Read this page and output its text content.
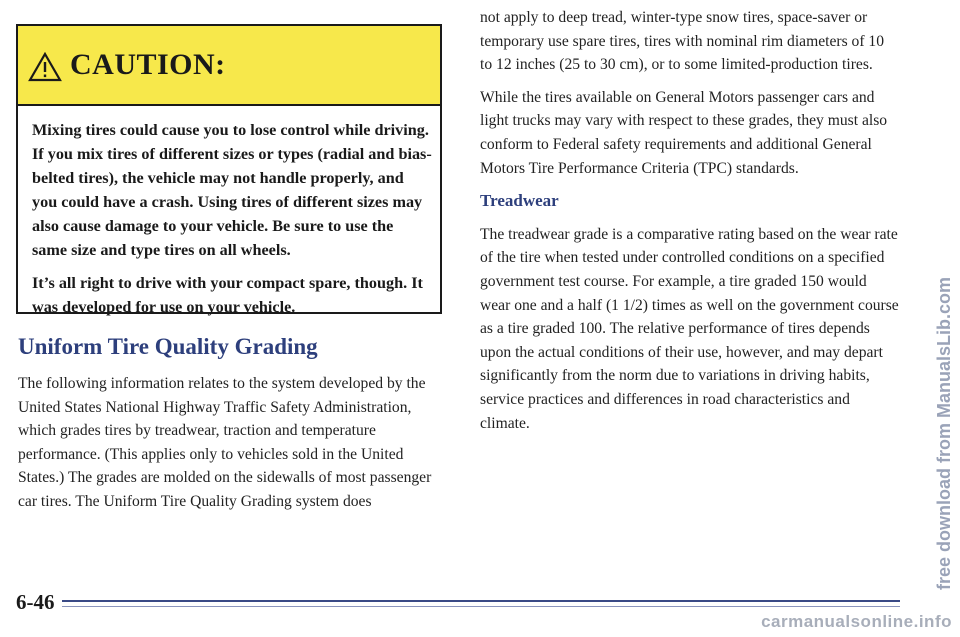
CAUTION:

Mixing tires could cause you to lose control while driving. If you mix tires of different sizes or types (radial and bias-belted tires), the vehicle may not handle properly, and you could have a crash. Using tires of different sizes may also cause damage to your vehicle. Be sure to use the same size and type tires on all wheels.

It’s all right to drive with your compact spare, though. It was developed for use on your vehicle.

Uniform Tire Quality Grading
The following information relates to the system developed by the United States National Highway Traffic Safety Administration, which grades tires by treadwear, traction and temperature performance. (This applies only to vehicles sold in the United States.) The grades are molded on the sidewalls of most passenger car tires. The Uniform Tire Quality Grading system does

not apply to deep tread, winter-type snow tires, space-saver or temporary use spare tires, tires with nominal rim diameters of 10 to 12 inches (25 to 30 cm), or to some limited-production tires.

While the tires available on General Motors passenger cars and light trucks may vary with respect to these grades, they must also conform to Federal safety requirements and additional General Motors Tire Performance Criteria (TPC) standards.

Treadwear

The treadwear grade is a comparative rating based on the wear rate of the tire when tested under controlled conditions on a specified government test course. For example, a tire graded 150 would wear one and a half (1 1/2) times as well on the government course as a tire graded 100. The relative performance of tires depends upon the actual conditions of their use, however, and may depart significantly from the norm due to variations in driving habits, service practices and differences in road characteristics and climate.

6-46
free download from ManualsLib.com
carmanualsonline.info
